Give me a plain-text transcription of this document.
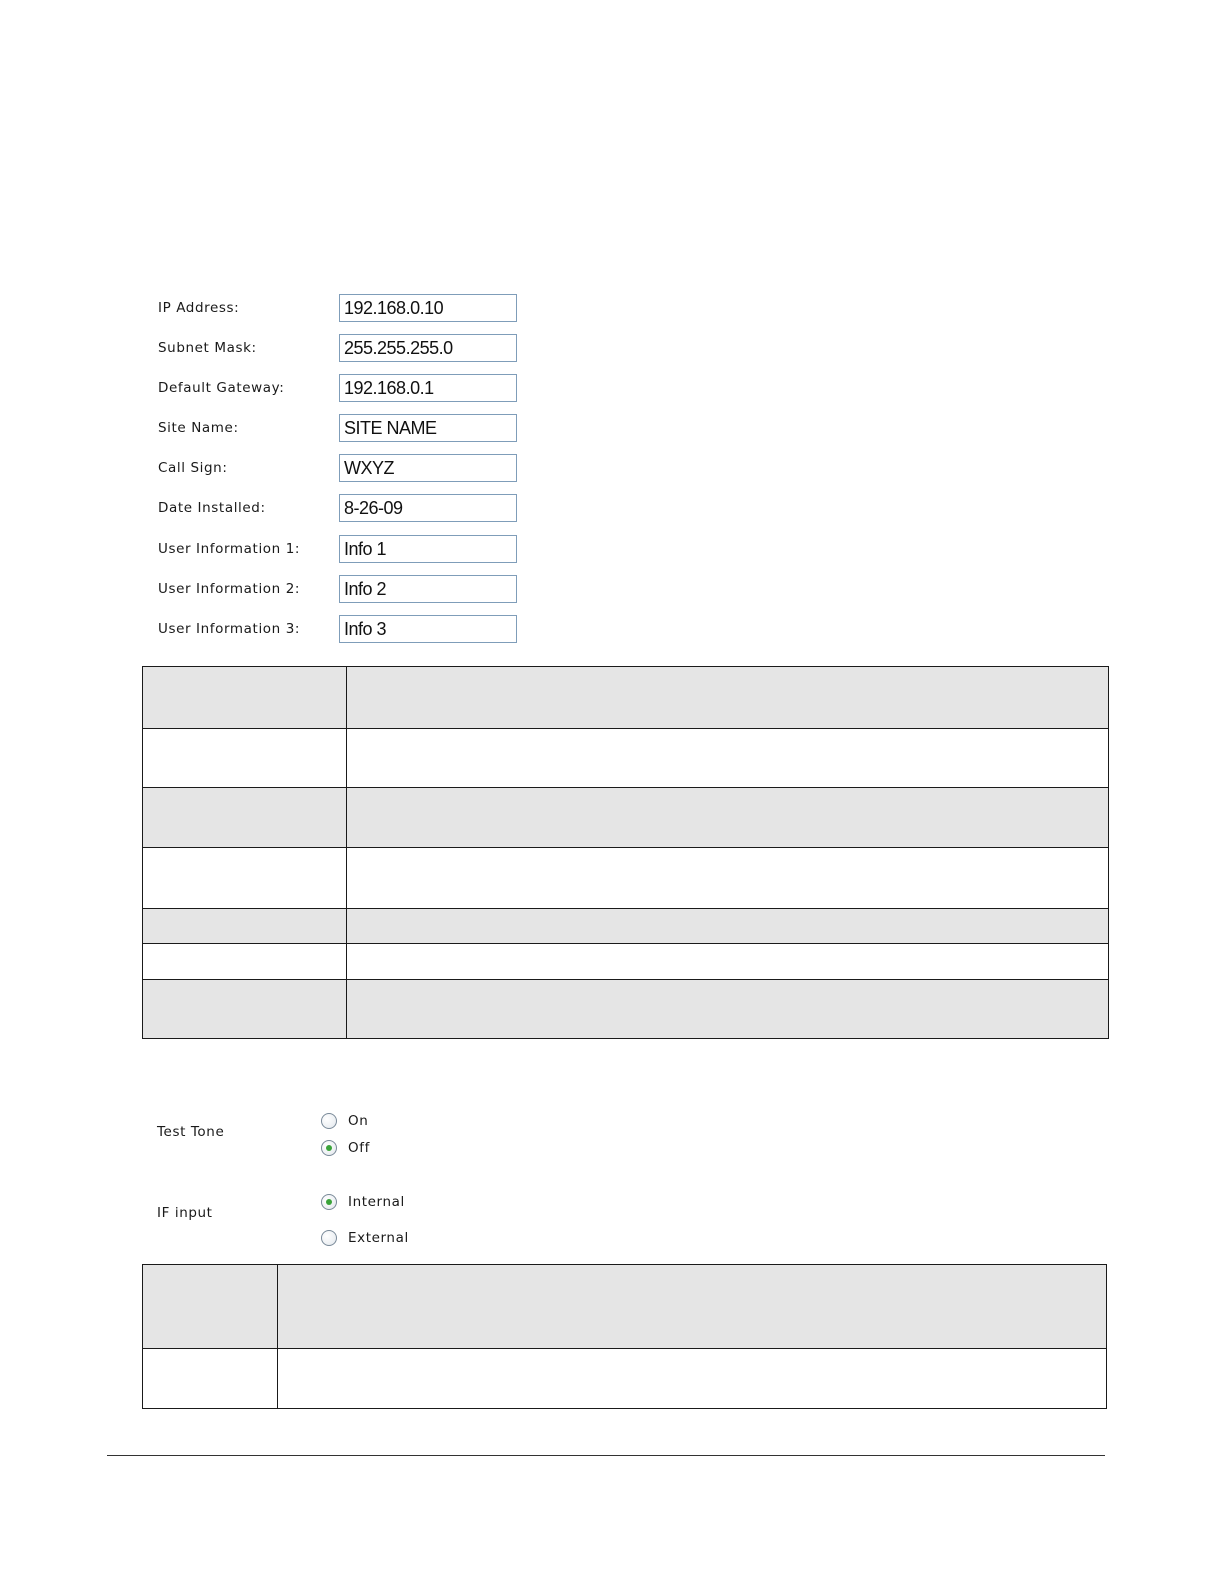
IP Address:
192.168.0.10
Subnet Mask:
255.255.255.0
Default Gateway:
192.168.0.1
Site Name:
SITE NAME
Call Sign:
WXYZ
Date Installed:
8-26-09
User Information 1:
Info 1
User Information 2:
Info 2
User Information 3:
Info 3

Test Tone
On
Off
IF input
Internal
External
